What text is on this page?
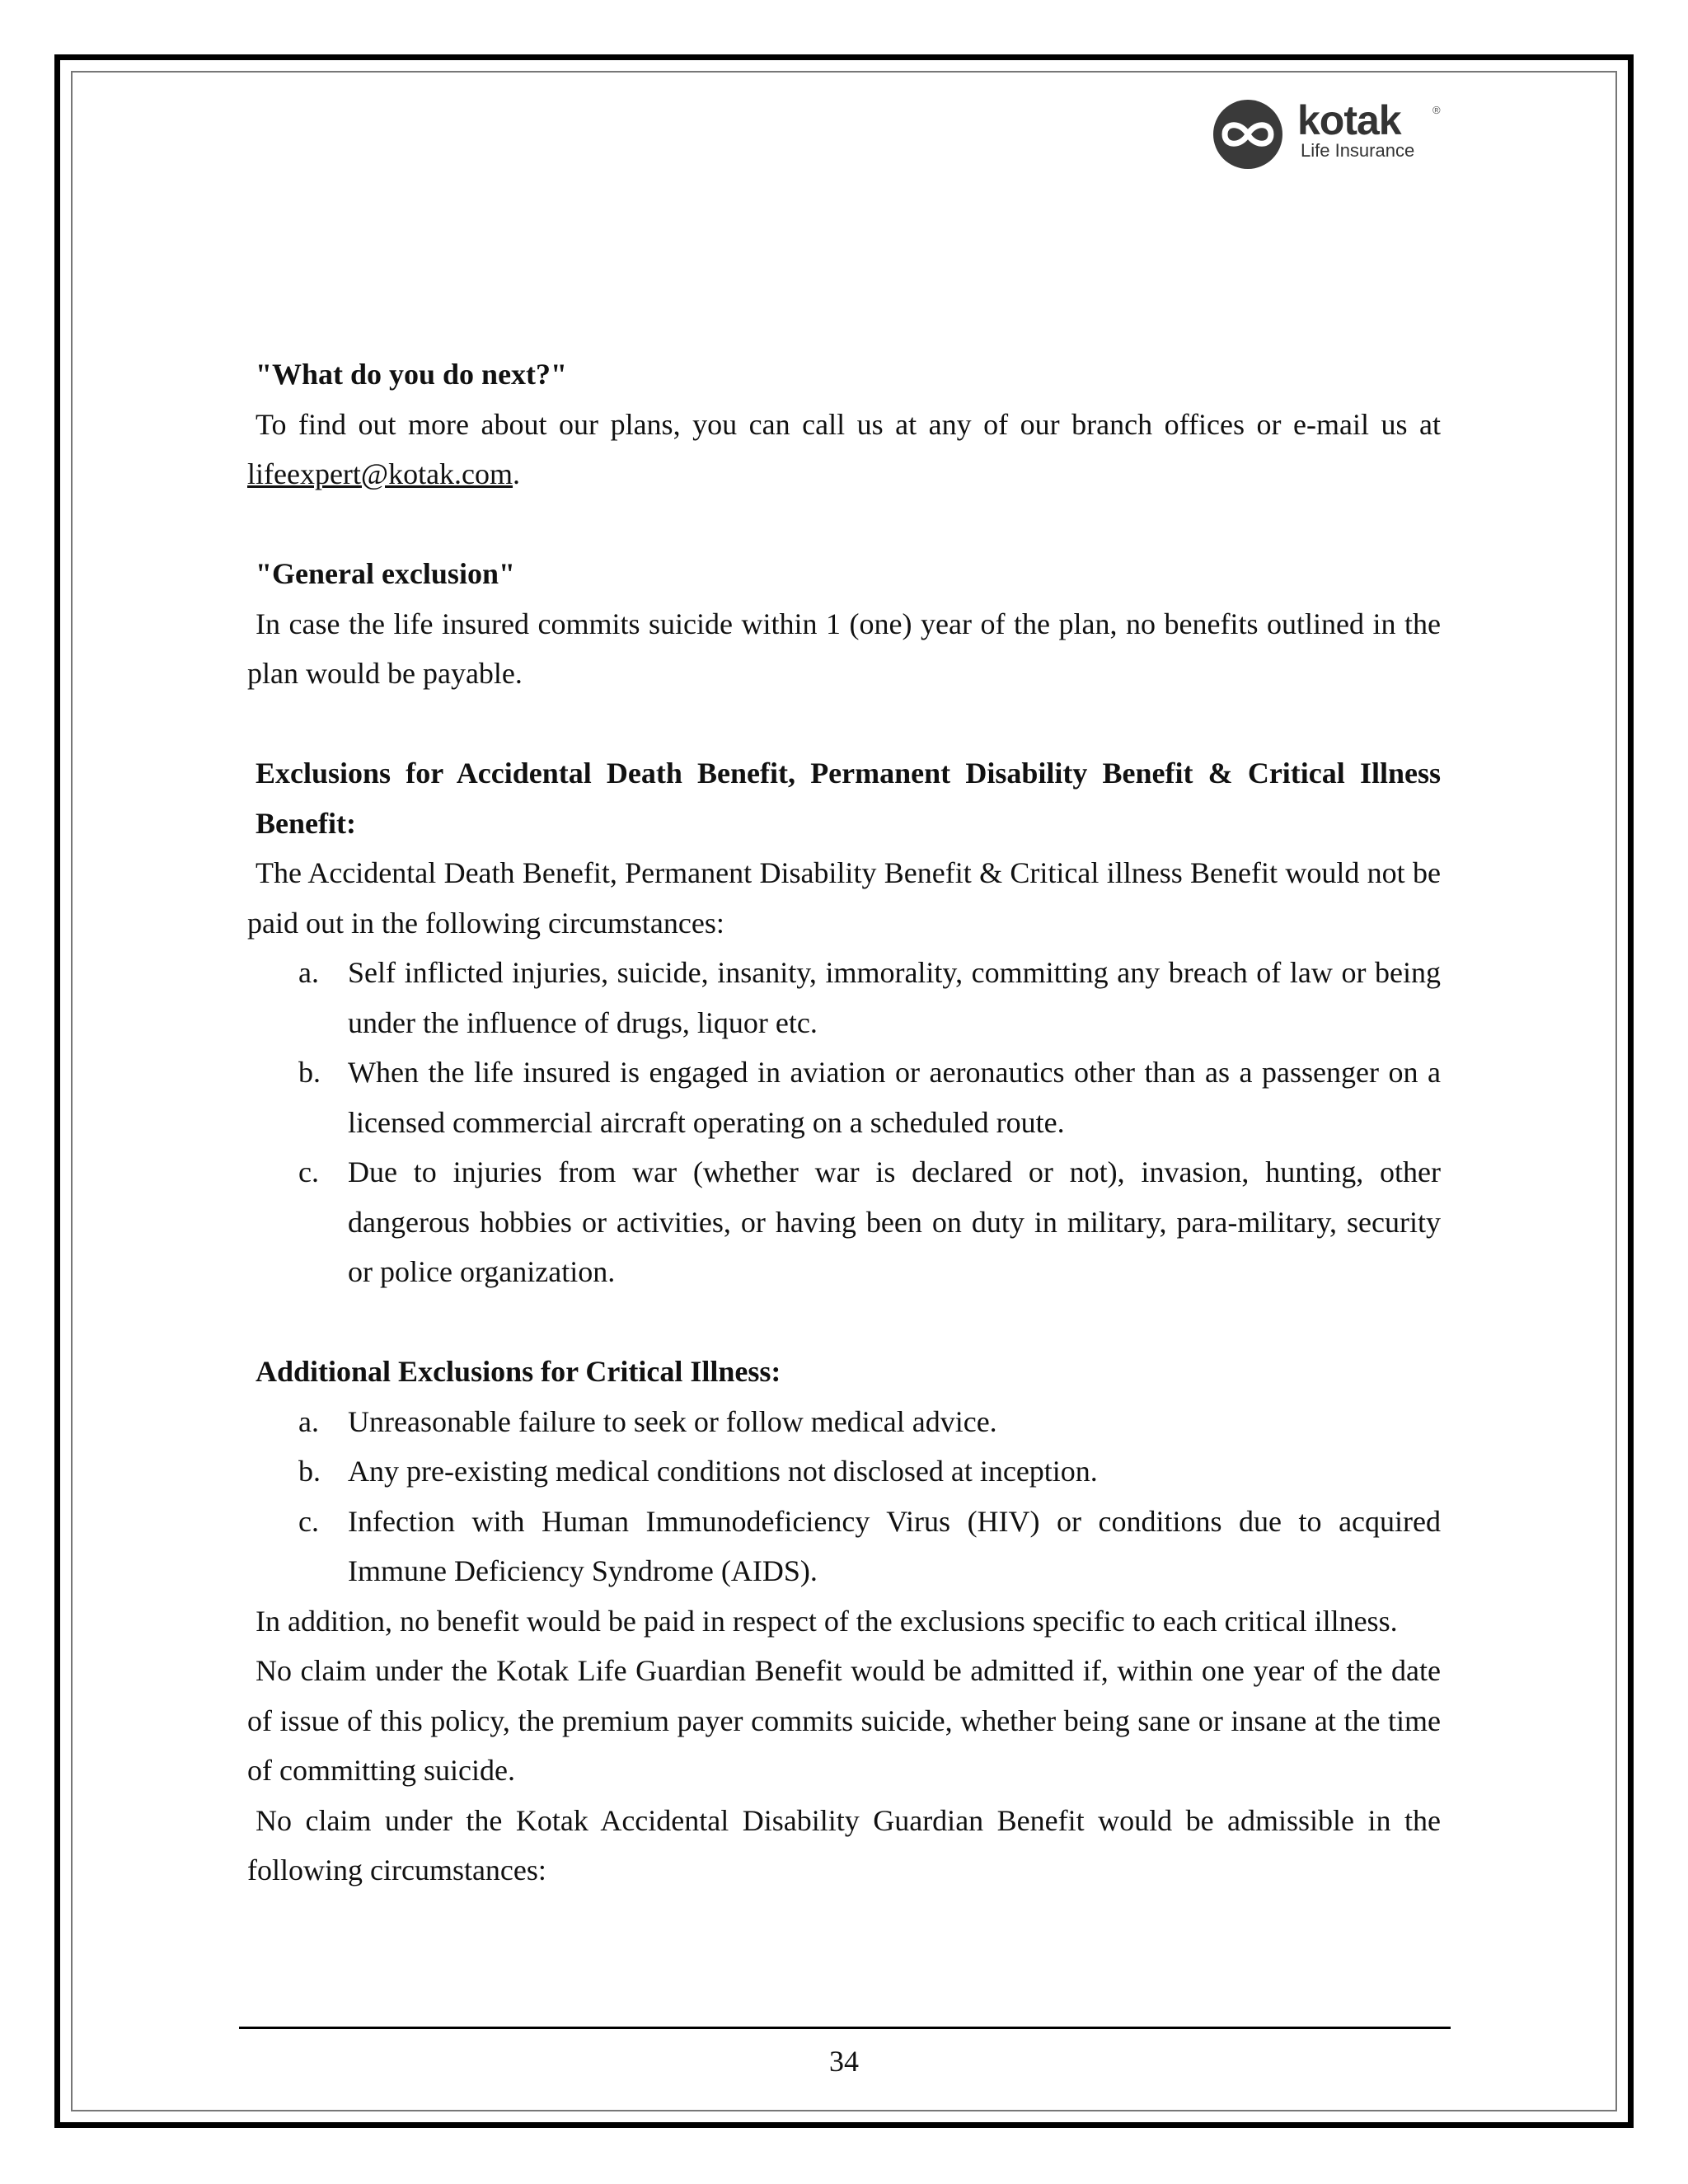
kotak	®
Life Insurance

"What do you do next?"

To find out more about our plans, you can call us at any of our branch offices or e-mail us at lifeexpert@kotak.com.

"General exclusion"

In case the life insured commits suicide within 1 (one) year of the plan, no benefits outlined in the plan would be payable.

Exclusions for Accidental Death Benefit, Permanent Disability Benefit & Critical Illness Benefit:

The Accidental Death Benefit, Permanent Disability Benefit & Critical illness Benefit would not be paid out in the following circumstances:

a. Self inflicted injuries, suicide, insanity, immorality, committing any breach of law or being under the influence of drugs, liquor etc.
b. When the life insured is engaged in aviation or aeronautics other than as a passenger on a licensed commercial aircraft operating on a scheduled route.
c. Due to injuries from war (whether war is declared or not), invasion, hunting, other dangerous hobbies or activities, or having been on duty in military, para-military, security or police organization.

Additional Exclusions for Critical Illness:

a. Unreasonable failure to seek or follow medical advice.
b. Any pre-existing medical conditions not disclosed at inception.
c. Infection with Human Immunodeficiency Virus (HIV) or conditions due to acquired Immune Deficiency Syndrome (AIDS).

In addition, no benefit would be paid in respect of the exclusions specific to each critical illness.

No claim under the Kotak Life Guardian Benefit would be admitted if, within one year of the date of issue of this policy, the premium payer commits suicide, whether being sane or insane at the time of committing suicide.

No claim under the Kotak Accidental Disability Guardian Benefit would be admissible in the following circumstances:

34
